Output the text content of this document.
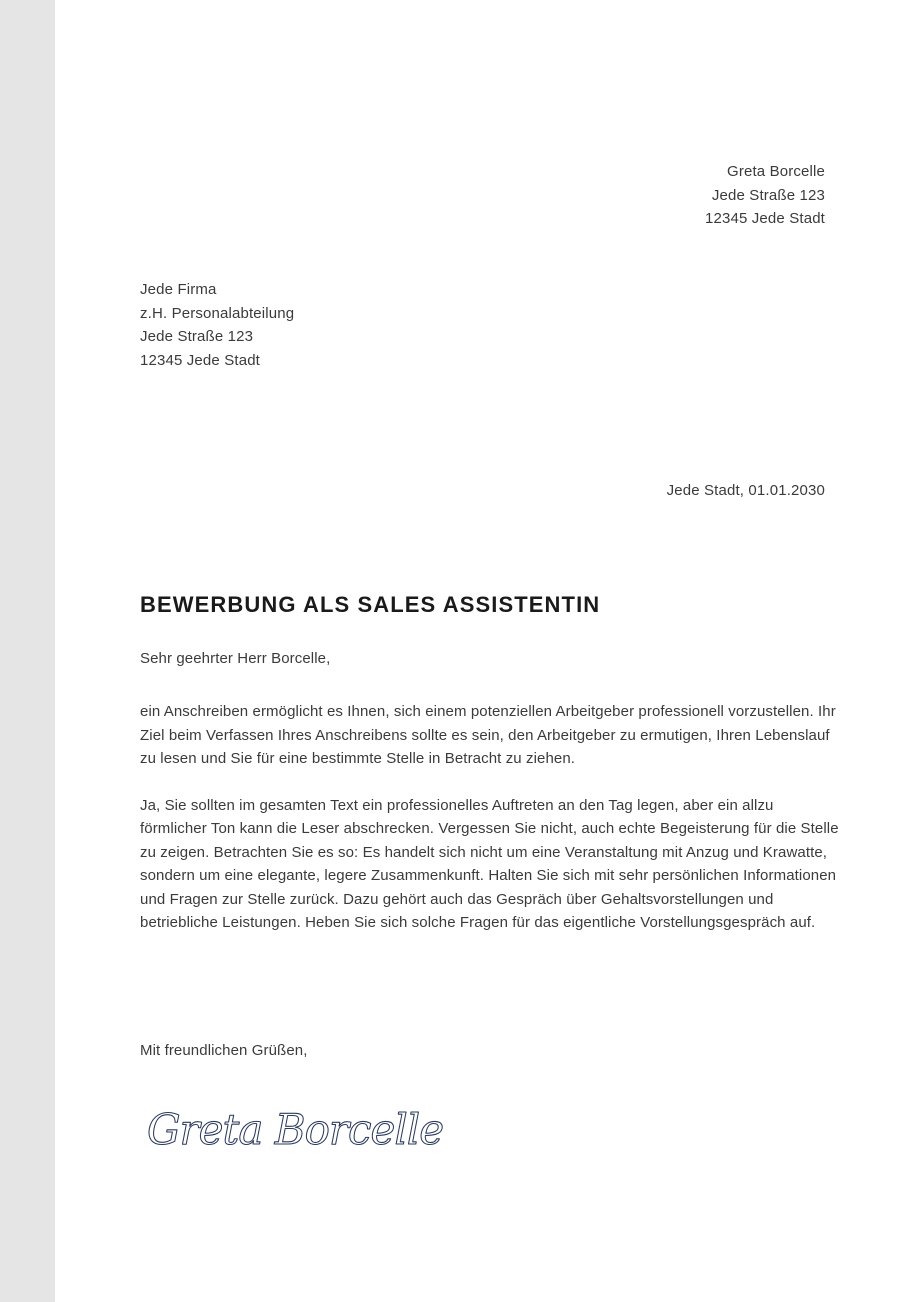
Greta Borcelle
Jede Straße 123
12345 Jede Stadt
Jede Firma
z.H. Personalabteilung
Jede Straße 123
12345 Jede Stadt
Jede Stadt, 01.01.2030
BEWERBUNG ALS SALES ASSISTENTIN
Sehr geehrter Herr Borcelle,

ein Anschreiben ermöglicht es Ihnen, sich einem potenziellen Arbeitgeber professionell vorzustellen. Ihr Ziel beim Verfassen Ihres Anschreibens sollte es sein, den Arbeitgeber zu ermutigen, Ihren Lebenslauf zu lesen und Sie für eine bestimmte Stelle in Betracht zu ziehen.

Ja, Sie sollten im gesamten Text ein professionelles Auftreten an den Tag legen, aber ein allzu förmlicher Ton kann die Leser abschrecken. Vergessen Sie nicht, auch echte Begeisterung für die Stelle zu zeigen. Betrachten Sie es so: Es handelt sich nicht um eine Veranstaltung mit Anzug und Krawatte, sondern um eine elegante, legere Zusammenkunft. Halten Sie sich mit sehr persönlichen Informationen und Fragen zur Stelle zurück. Dazu gehört auch das Gespräch über Gehaltsvorstellungen und betriebliche Leistungen. Heben Sie sich solche Fragen für das eigentliche Vorstellungsgespräch auf.

Mit freundlichen Grüßen,
Greta Borcelle
